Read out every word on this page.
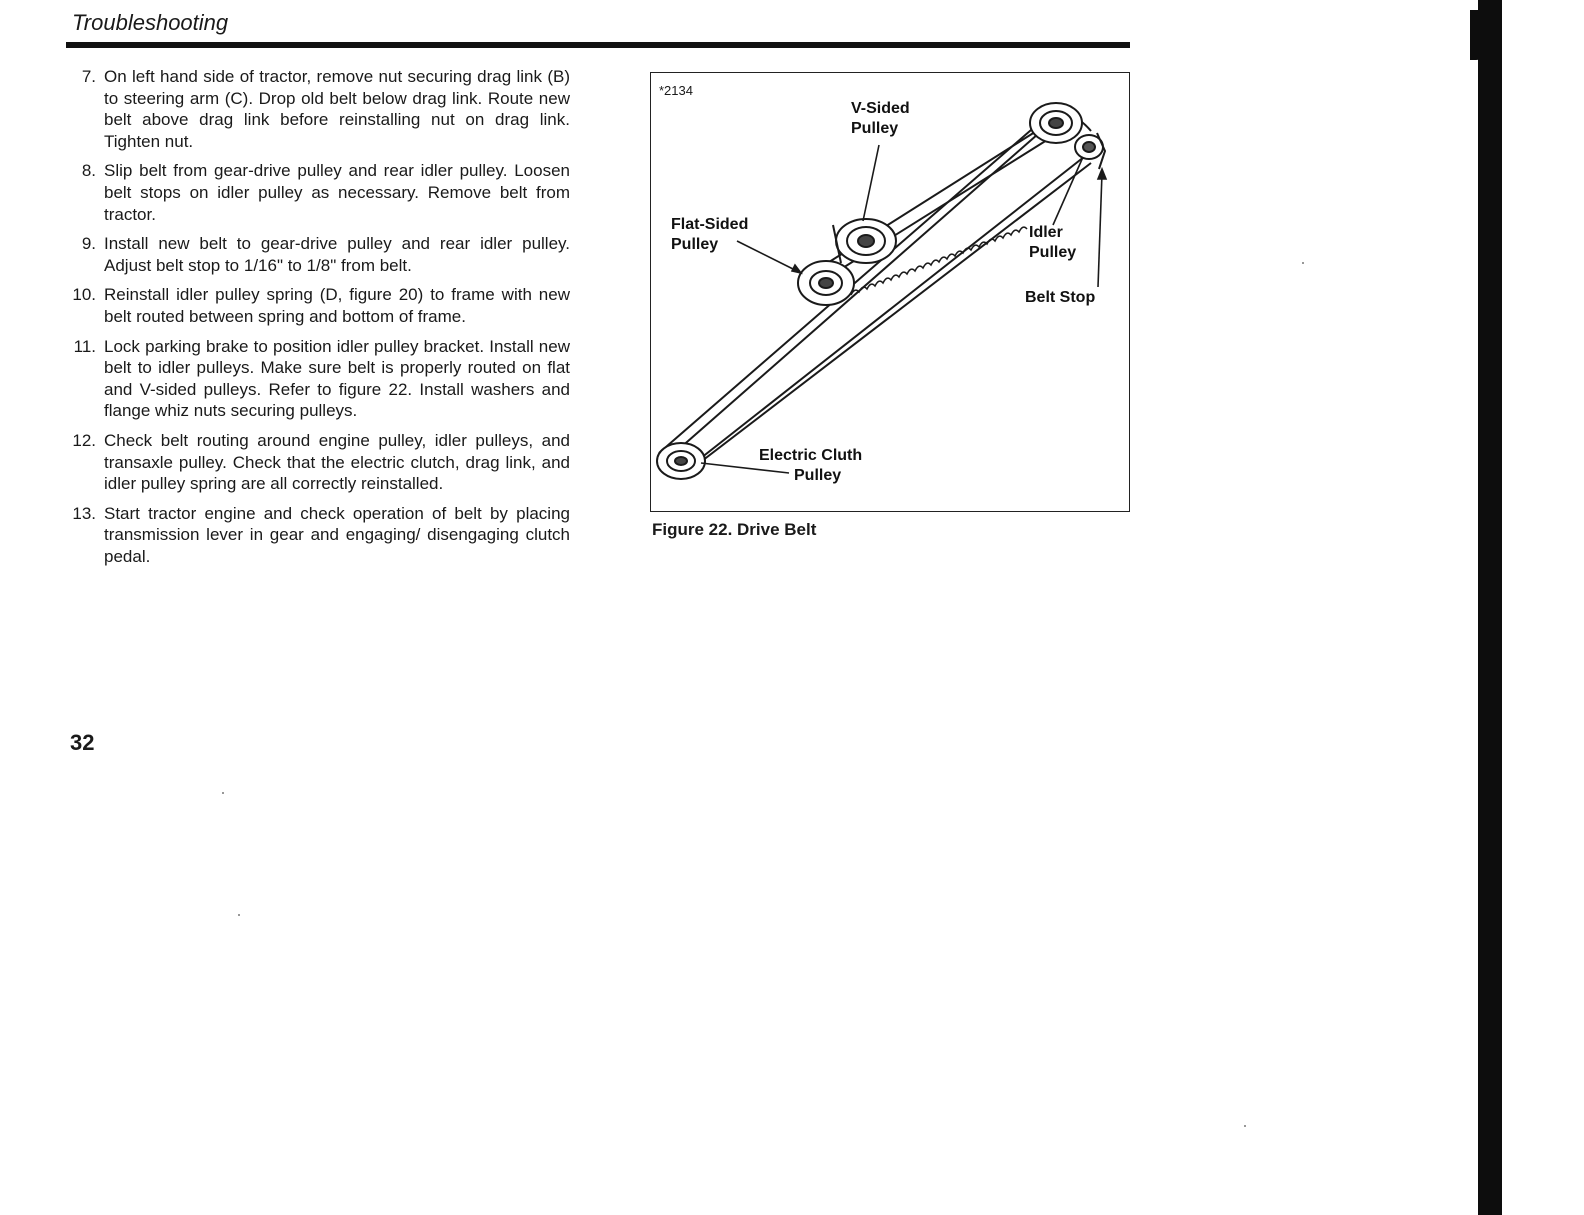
Troubleshooting
7. On left hand side of tractor, remove nut securing drag link (B) to steering arm (C). Drop old belt below drag link. Route new belt above drag link before reinstalling nut on drag link. Tighten nut.
8. Slip belt from gear-drive pulley and rear idler pulley. Loosen belt stops on idler pulley as necessary. Remove belt from tractor.
9. Install new belt to gear-drive pulley and rear idler pulley. Adjust belt stop to 1/16" to 1/8" from belt.
10. Reinstall idler pulley spring (D, figure 20) to frame with new belt routed between spring and bottom of frame.
11. Lock parking brake to position idler pulley bracket. Install new belt to idler pulleys. Make sure belt is properly routed on flat and V-sided pulleys. Refer to figure 22. Install washers and flange whiz nuts securing pulleys.
12. Check belt routing around engine pulley, idler pulleys, and transaxle pulley. Check that the electric clutch, drag link, and idler pulley spring are all correctly reinstalled.
13. Start tractor engine and check operation of belt by placing transmission lever in gear and engaging/ disengaging clutch pedal.
*2134
V-Sided
Pulley
Flat-Sided
Pulley
Idler
Pulley
Belt Stop
Electric Cluth
Pulley
Figure 22. Drive Belt
32
